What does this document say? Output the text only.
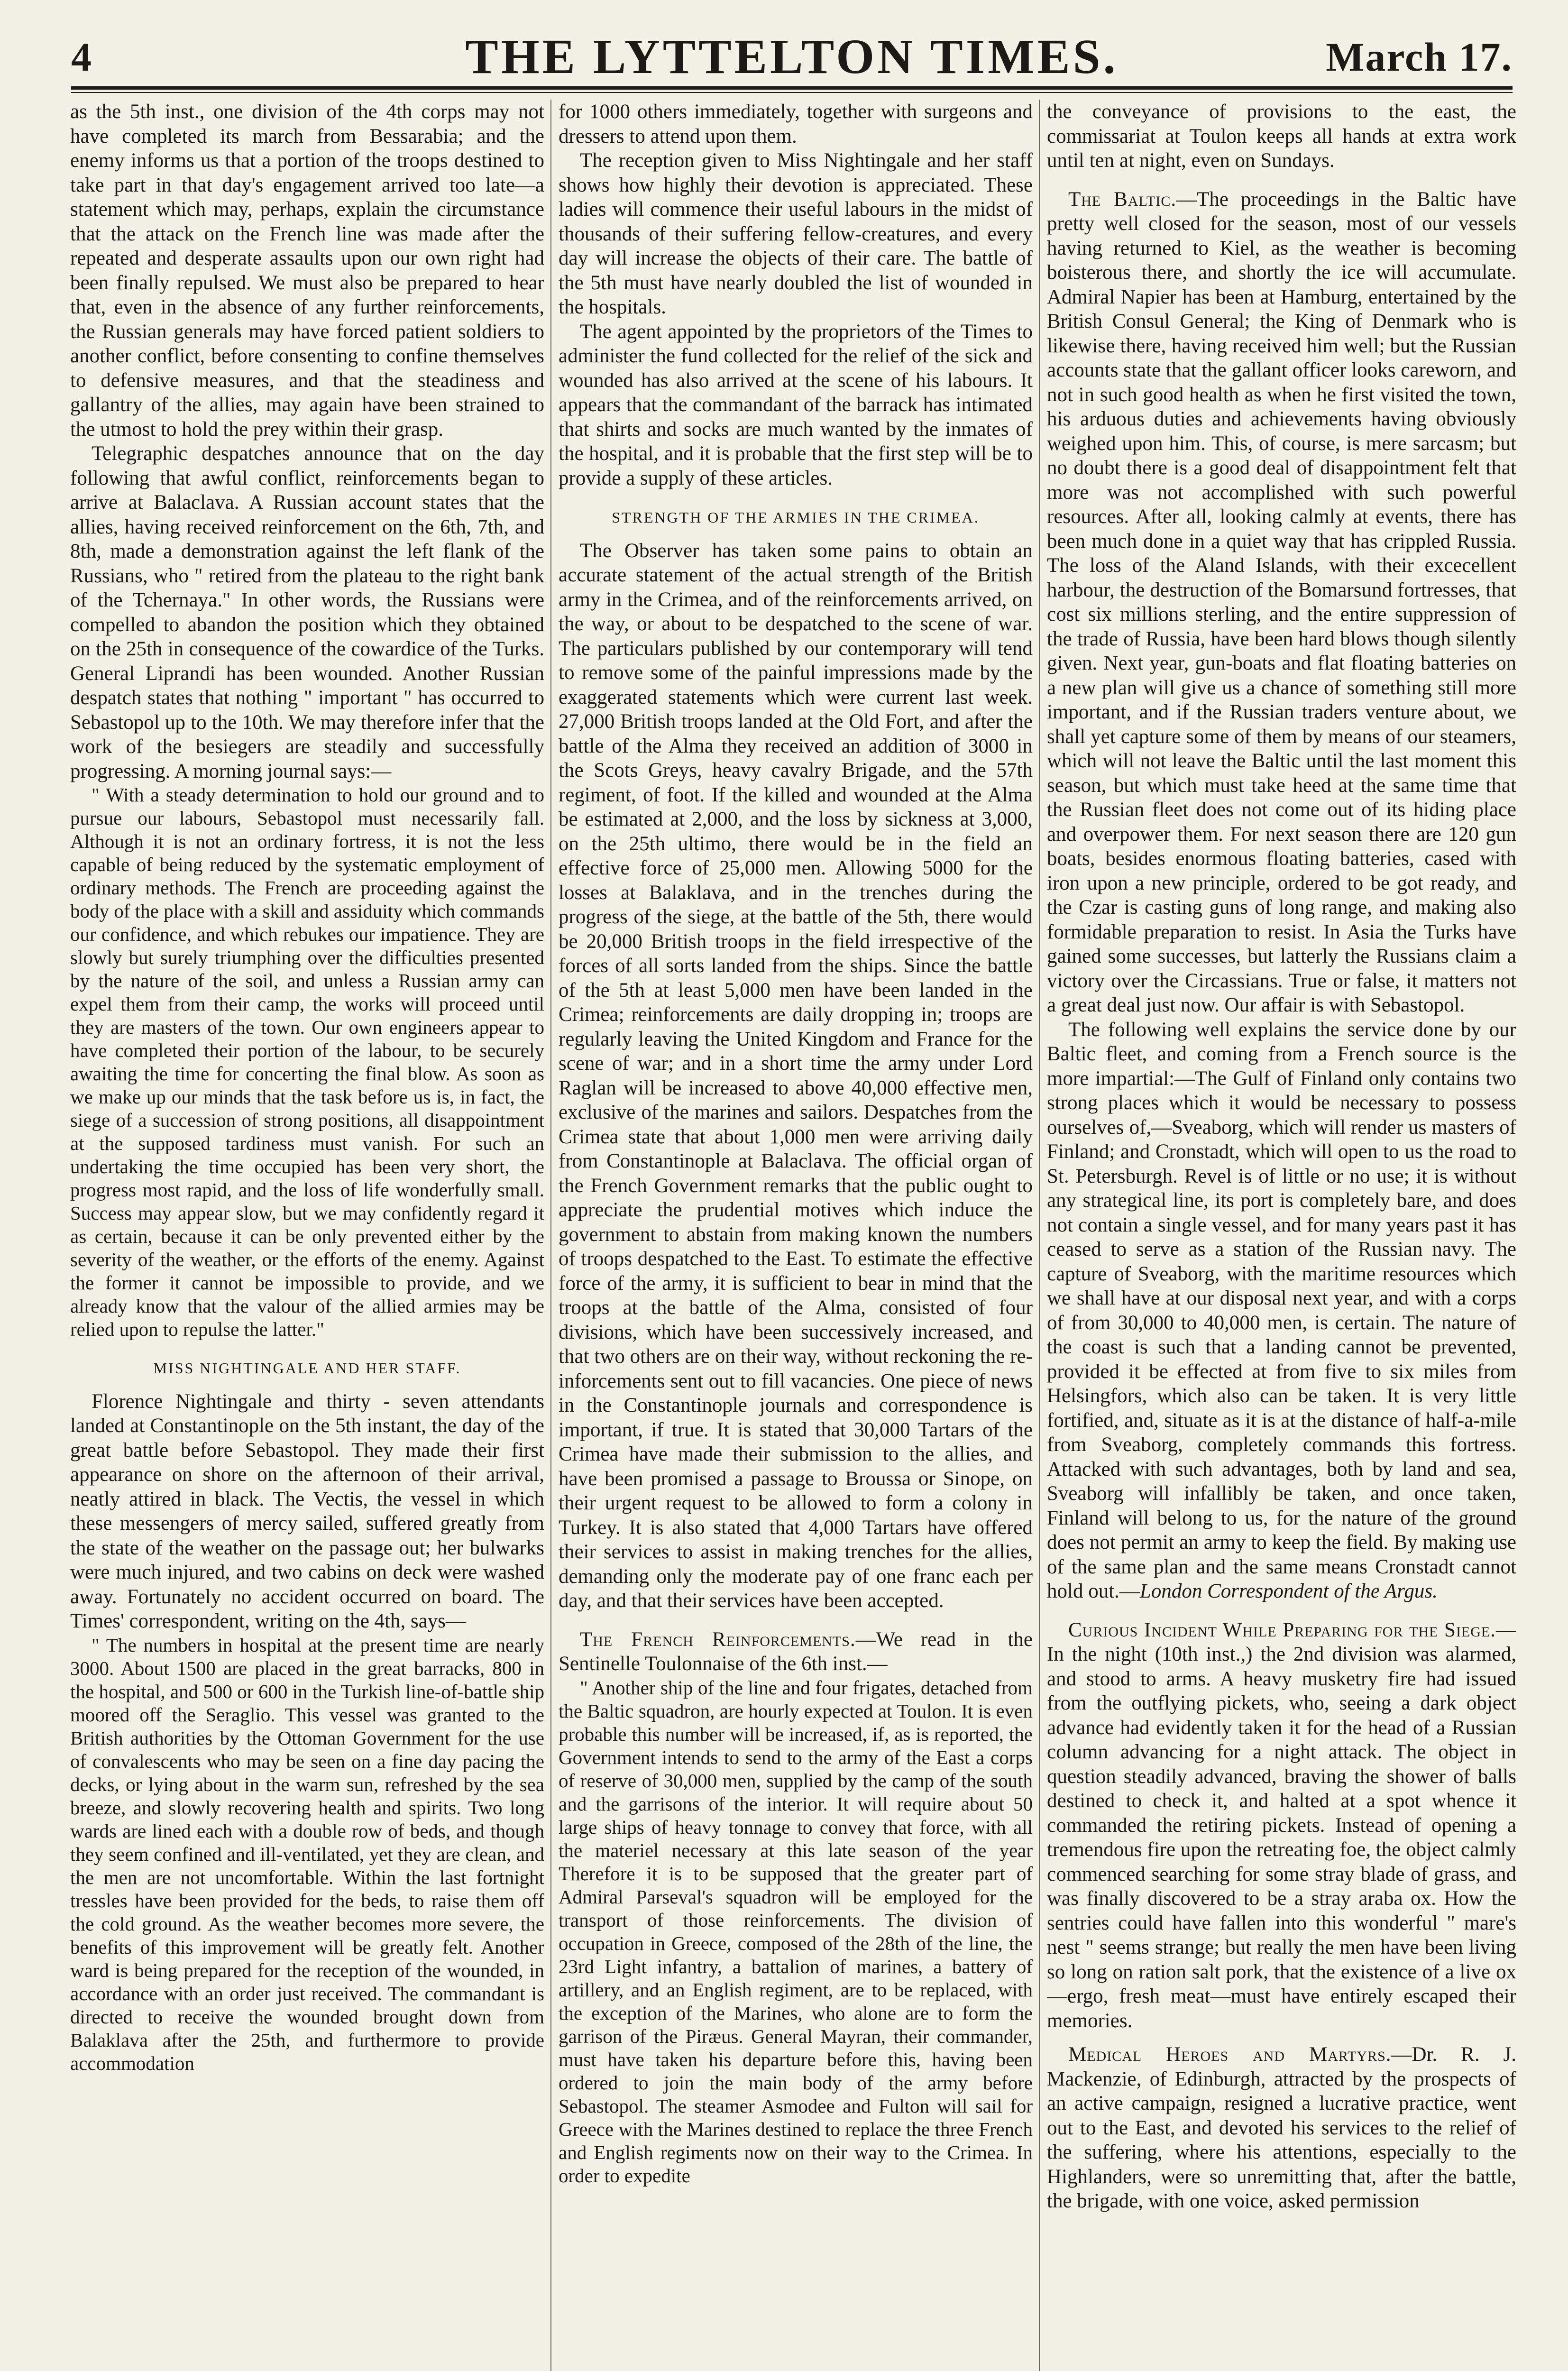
4	THE LYTTELTON TIMES.	March 17.

as the 5th inst., one division of the 4th corps may not have completed its march from Bessarabia; and the enemy informs us that a portion of the troops destined to take part in that day's engagement arrived too late—a statement which may, perhaps, explain the circumstance that the attack on the French line was made after the repeated and desperate assaults upon our own right had been finally repulsed. We must also be prepared to hear that, even in the absence of any further reinforcements, the Russian generals may have forced patient soldiers to another conflict, before consenting to confine themselves to defensive measures, and that the steadiness and gallantry of the allies, may again have been strained to the utmost to hold the prey within their grasp.

Telegraphic despatches announce that on the day following that awful conflict, reinforcements began to arrive at Balaclava. A Russian account states that the allies, having received reinforcement on the 6th, 7th, and 8th, made a demonstration against the left flank of the Russians, who " retired from the plateau to the right bank of the Tchernaya." In other words, the Russians were compelled to abandon the position which they obtained on the 25th in consequence of the cowardice of the Turks. General Liprandi has been wounded. Another Russian despatch states that nothing " important " has occurred to Sebastopol up to the 10th. We may therefore infer that the work of the besiegers are steadily and successfully progressing. A morning journal says:—

" With a steady determination to hold our ground and to pursue our labours, Sebastopol must necessarily fall. Although it is not an ordinary fortress, it is not the less capable of being reduced by the systematic employment of ordinary methods. The French are proceeding against the body of the place with a skill and assiduity which commands our confidence, and which rebukes our impatience. They are slowly but surely triumphing over the difficulties presented by the nature of the soil, and unless a Russian army can expel them from their camp, the works will proceed until they are masters of the town. Our own engineers appear to have completed their portion of the labour, to be securely awaiting the time for concerting the final blow. As soon as we make up our minds that the task before us is, in fact, the siege of a succession of strong positions, all disappointment at the supposed tardiness must vanish. For such an undertaking the time occupied has been very short, the progress most rapid, and the loss of life wonderfully small. Success may appear slow, but we may confidently regard it as certain, because it can be only prevented either by the severity of the weather, or the efforts of the enemy. Against the former it cannot be impossible to provide, and we already know that the valour of the allied armies may be relied upon to repulse the latter."

MISS NIGHTINGALE AND HER STAFF.

Florence Nightingale and thirty - seven attendants landed at Constantinople on the 5th instant, the day of the great battle before Sebastopol. They made their first appearance on shore on the afternoon of their arrival, neatly attired in black. The Vectis, the vessel in which these messengers of mercy sailed, suffered greatly from the state of the weather on the passage out; her bulwarks were much injured, and two cabins on deck were washed away. Fortunately no accident occurred on board. The Times' correspondent, writing on the 4th, says—

" The numbers in hospital at the present time are nearly 3000. About 1500 are placed in the great barracks, 800 in the hospital, and 500 or 600 in the Turkish line-of-battle ship moored off the Seraglio. This vessel was granted to the British authorities by the Ottoman Government for the use of convalescents who may be seen on a fine day pacing the decks, or lying about in the warm sun, refreshed by the sea breeze, and slowly recovering health and spirits. Two long wards are lined each with a double row of beds, and though they seem confined and ill-ventilated, yet they are clean, and the men are not uncomfortable. Within the last fortnight tressles have been provided for the beds, to raise them off the cold ground. As the weather becomes more severe, the benefits of this improvement will be greatly felt. Another ward is being prepared for the reception of the wounded, in accordance with an order just received. The commandant is directed to receive the wounded brought down from Balaklava after the 25th, and furthermore to provide accommodation

for 1000 others immediately, together with surgeons and dressers to attend upon them.

The reception given to Miss Nightingale and her staff shows how highly their devotion is appreciated. These ladies will commence their useful labours in the midst of thousands of their suffering fellow-creatures, and every day will increase the objects of their care. The battle of the 5th must have nearly doubled the list of wounded in the hospitals.

The agent appointed by the proprietors of the Times to administer the fund collected for the relief of the sick and wounded has also arrived at the scene of his labours. It appears that the commandant of the barrack has intimated that shirts and socks are much wanted by the inmates of the hospital, and it is probable that the first step will be to provide a supply of these articles.

STRENGTH OF THE ARMIES IN THE CRIMEA.

The Observer has taken some pains to obtain an accurate statement of the actual strength of the British army in the Crimea, and of the reinforcements arrived, on the way, or about to be despatched to the scene of war. The particulars published by our contemporary will tend to remove some of the painful impressions made by the exaggerated statements which were current last week. 27,000 British troops landed at the Old Fort, and after the battle of the Alma they received an addition of 3000 in the Scots Greys, heavy cavalry Brigade, and the 57th regiment, of foot. If the killed and wounded at the Alma be estimated at 2,000, and the loss by sickness at 3,000, on the 25th ultimo, there would be in the field an effective force of 25,000 men. Allowing 5000 for the losses at Balaklava, and in the trenches during the progress of the siege, at the battle of the 5th, there would be 20,000 British troops in the field irrespective of the forces of all sorts landed from the ships. Since the battle of the 5th at least 5,000 men have been landed in the Crimea; reinforcements are daily dropping in; troops are regularly leaving the United Kingdom and France for the scene of war; and in a short time the army under Lord Raglan will be increased to above 40,000 effective men, exclusive of the marines and sailors. Despatches from the Crimea state that about 1,000 men were arriving daily from Constantinople at Balaclava. The official organ of the French Government remarks that the public ought to appreciate the prudential motives which induce the government to abstain from making known the numbers of troops despatched to the East. To estimate the effective force of the army, it is sufficient to bear in mind that the troops at the battle of the Alma, consisted of four divisions, which have been successively increased, and that two others are on their way, without reckoning the re-inforcements sent out to fill vacancies. One piece of news in the Constantinople journals and correspondence is important, if true. It is stated that 30,000 Tartars of the Crimea have made their submission to the allies, and have been promised a passage to Broussa or Sinope, on their urgent request to be allowed to form a colony in Turkey. It is also stated that 4,000 Tartars have offered their services to assist in making trenches for the allies, demanding only the moderate pay of one franc each per day, and that their services have been accepted.

The French Reinforcements.—We read in the Sentinelle Toulonnaise of the 6th inst.—

" Another ship of the line and four frigates, detached from the Baltic squadron, are hourly expected at Toulon. It is even probable this number will be increased, if, as is reported, the Government intends to send to the army of the East a corps of reserve of 30,000 men, supplied by the camp of the south and the garrisons of the interior. It will require about 50 large ships of heavy tonnage to convey that force, with all the materiel necessary at this late season of the year Therefore it is to be supposed that the greater part of Admiral Parseval's squadron will be employed for the transport of those reinforcements. The division of occupation in Greece, composed of the 28th of the line, the 23rd Light infantry, a battalion of marines, a battery of artillery, and an English regiment, are to be replaced, with the exception of the Marines, who alone are to form the garrison of the Piræus. General Mayran, their commander, must have taken his departure before this, having been ordered to join the main body of the army before Sebastopol. The steamer Asmodee and Fulton will sail for Greece with the Marines destined to replace the three French and English regiments now on their way to the Crimea. In order to expedite

the conveyance of provisions to the east, the commissariat at Toulon keeps all hands at extra work until ten at night, even on Sundays.

The Baltic.—The proceedings in the Baltic have pretty well closed for the season, most of our vessels having returned to Kiel, as the weather is becoming boisterous there, and shortly the ice will accumulate. Admiral Napier has been at Hamburg, entertained by the British Consul General; the King of Denmark who is likewise there, having received him well; but the Russian accounts state that the gallant officer looks careworn, and not in such good health as when he first visited the town, his arduous duties and achievements having obviously weighed upon him. This, of course, is mere sarcasm; but no doubt there is a good deal of disappointment felt that more was not accomplished with such powerful resources. After all, looking calmly at events, there has been much done in a quiet way that has crippled Russia. The loss of the Aland Islands, with their excecellent harbour, the destruction of the Bomarsund fortresses, that cost six millions sterling, and the entire suppression of the trade of Russia, have been hard blows though silently given. Next year, gun-boats and flat floating batteries on a new plan will give us a chance of something still more important, and if the Russian traders venture about, we shall yet capture some of them by means of our steamers, which will not leave the Baltic until the last moment this season, but which must take heed at the same time that the Russian fleet does not come out of its hiding place and overpower them. For next season there are 120 gun boats, besides enormous floating batteries, cased with iron upon a new principle, ordered to be got ready, and the Czar is casting guns of long range, and making also formidable preparation to resist. In Asia the Turks have gained some successes, but latterly the Russians claim a victory over the Circassians. True or false, it matters not a great deal just now. Our affair is with Sebastopol.

The following well explains the service done by our Baltic fleet, and coming from a French source is the more impartial:—The Gulf of Finland only contains two strong places which it would be necessary to possess ourselves of,—Sveaborg, which will render us masters of Finland; and Cronstadt, which will open to us the road to St. Petersburgh. Revel is of little or no use; it is without any strategical line, its port is completely bare, and does not contain a single vessel, and for many years past it has ceased to serve as a station of the Russian navy. The capture of Sveaborg, with the maritime resources which we shall have at our disposal next year, and with a corps of from 30,000 to 40,000 men, is certain. The nature of the coast is such that a landing cannot be prevented, provided it be effected at from five to six miles from Helsingfors, which also can be taken. It is very little fortified, and, situate as it is at the distance of half-a-mile from Sveaborg, completely commands this fortress. Attacked with such advantages, both by land and sea, Sveaborg will infallibly be taken, and once taken, Finland will belong to us, for the nature of the ground does not permit an army to keep the field. By making use of the same plan and the same means Cronstadt cannot hold out.—London Correspondent of the Argus.

Curious Incident While Preparing for the Siege.—In the night (10th inst.,) the 2nd division was alarmed, and stood to arms. A heavy musketry fire had issued from the outflying pickets, who, seeing a dark object advance had evidently taken it for the head of a Russian column advancing for a night attack. The object in question steadily advanced, braving the shower of balls destined to check it, and halted at a spot whence it commanded the retiring pickets. Instead of opening a tremendous fire upon the retreating foe, the object calmly commenced searching for some stray blade of grass, and was finally discovered to be a stray araba ox. How the sentries could have fallen into this wonderful " mare's nest " seems strange; but really the men have been living so long on ration salt pork, that the existence of a live ox —ergo, fresh meat—must have entirely escaped their memories.

Medical Heroes and Martyrs.—Dr. R. J. Mackenzie, of Edinburgh, attracted by the prospects of an active campaign, resigned a lucrative practice, went out to the East, and devoted his services to the relief of the suffering, where his attentions, especially to the Highlanders, were so unremitting that, after the battle, the brigade, with one voice, asked permission
